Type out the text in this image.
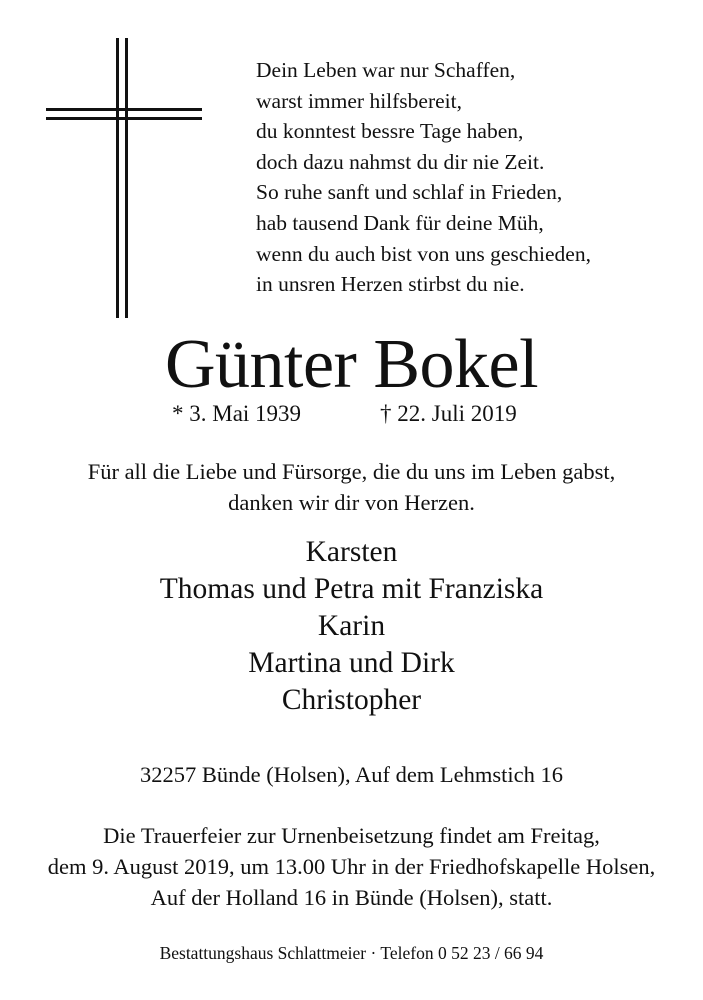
Dein Leben war nur Schaffen,
warst immer hilfsbereit,
du konntest bessre Tage haben,
doch dazu nahmst du dir nie Zeit.
So ruhe sanft und schlaf in Frieden,
hab tausend Dank für deine Müh,
wenn du auch bist von uns geschieden,
in unsren Herzen stirbst du nie.
Günter Bokel
* 3. Mai 1939	† 22. Juli 2019
Für all die Liebe und Fürsorge, die du uns im Leben gabst,
danken wir dir von Herzen.
Karsten
Thomas und Petra mit Franziska
Karin
Martina und Dirk
Christopher
32257 Bünde (Holsen), Auf dem Lehmstich 16
Die Trauerfeier zur Urnenbeisetzung findet am Freitag,
dem 9. August 2019, um 13.00 Uhr in der Friedhofskapelle Holsen,
Auf der Holland 16 in Bünde (Holsen), statt.
Bestattungshaus Schlattmeier · Telefon 0 52 23 / 66 94
